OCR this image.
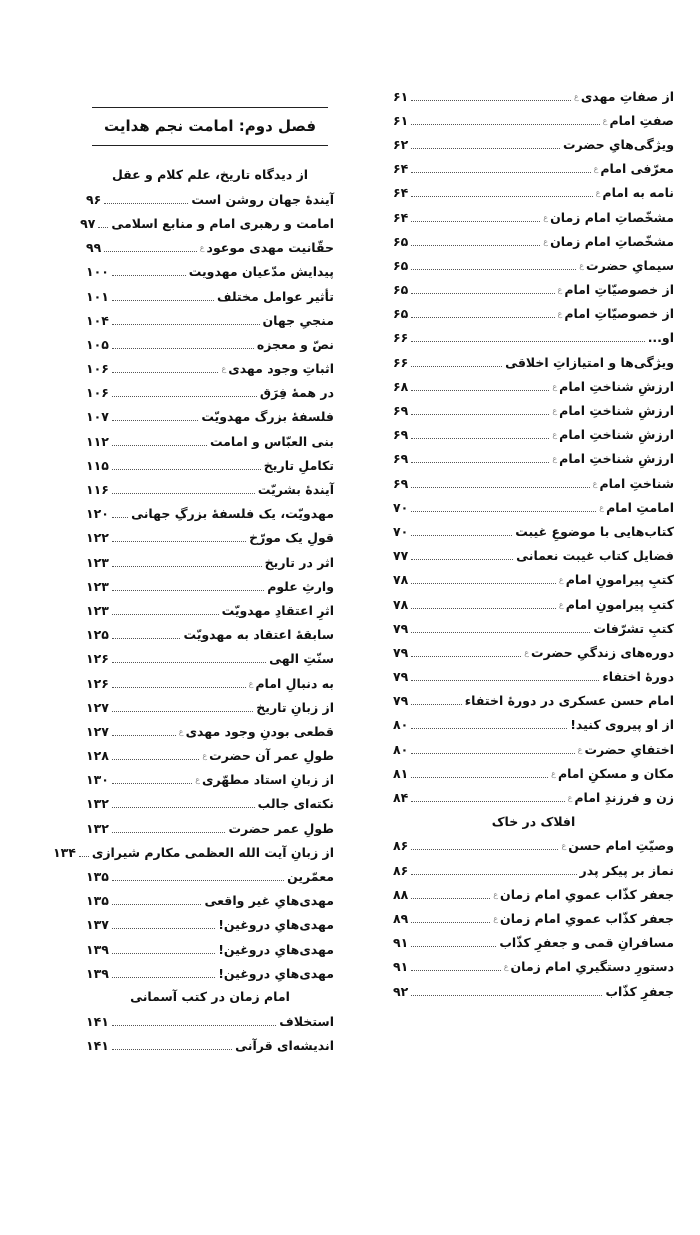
از صفاتِ مهدی
ع
۶۱
صفتِ امام
ع
۶۱
ویژگی‌هایِ حضرت
۶۲
معرّفی امام
ع
۶۴
نامه به امام
ع
۶۴
مشخّصاتِ امام زمان
ع
۶۴
مشخّصاتِ امام زمان
ع
۶۵
سیمایِ حضرت
ع
۶۵
از خصوصیّاتِ امام
ع
۶۵
از خصوصیّاتِ امام
ع
۶۵
او...
۶۶
ویژگی‌ها و امتیازاتِ اخلاقی
۶۶
ارزشِ شناختِ امام
ع
۶۸
ارزشِ شناختِ امام
ع
۶۹
ارزشِ شناختِ امام
ع
۶۹
ارزشِ شناختِ امام
ع
۶۹
شناختِ امام
ع
۶۹
امامتِ امام
ع
۷۰
کتاب‌هایی با موضوعِ غیبت
۷۰
فضایل کتاب غیبت نعمانی
۷۷
کتبِ پیرامونِ امام
ع
۷۸
کتبِ پیرامونِ امام
ع
۷۸
کتبِ تشرّفات
۷۹
دوره‌های زندگیِ حضرت
ع
۷۹
دورهٔ اختفاء
۷۹
امام حسن عسکری در دورهٔ اختفاء
۷۹
از او پیروی کنید!
۸۰
اختفایِ حضرت
ع
۸۰
مکان و مسکنِ امام
ع
۸۱
زن و فرزندِ امام
ع
۸۴
افلاک در خاک
وصیّتِ امام حسن
ع
۸۶
نماز بر پیکر پدر
۸۶
جعفر کذّاب عمویِ امام زمان
ع
۸۸
جعفر کذّاب عمویِ امام زمان
ع
۸۹
مسافرانِ قمی و جعفرِ کذّاب
۹۱
دستورِ دستگیریِ امام زمان
ع
۹۱
جعفرِ کذّاب
۹۲
فصل دوم: امامت نجم هدایت
از دیدگاه تاریخ، علم کلام و عقل
آیندهٔ جهان روشن است
۹۶
امامت و رهبری امام و منابع اسلامی
۹۷
حقّانیت مهدی موعود
ع
۹۹
پیدایش مدّعیان مهدویت
۱۰۰
تأثیر عوامل مختلف
۱۰۱
منجیِ جهان
۱۰۴
نصّ و معجزه
۱۰۵
اثباتِ وجود مهدی
ع
۱۰۶
در همهٔ فِرَق
۱۰۶
فلسفهٔ بزرگ مهدویّت
۱۰۷
بنی العبّاس و امامت
۱۱۲
تکاملِ تاریخ
۱۱۵
آیندهٔ بشریّت
۱۱۶
مهدویّت، یک فلسفهٔ بزرگِ جهانی
۱۲۰
قولِ یک مورّخ
۱۲۲
اثر در تاریخ
۱۲۳
وارثِ علوم
۱۲۳
اثرِ اعتقادِ مهدویّت
۱۲۳
سابقهٔ اعتقاد به مهدویّت
۱۲۵
سنّتِ الهی
۱۲۶
به دنبالِ امام
ع
۱۲۶
از زبانِ تاریخ
۱۲۷
قطعی بودنِ وجود مهدی
ع
۱۲۷
طولِ عمر آن حضرت
ع
۱۲۸
از زبانِ استاد مطهّری
ع
۱۳۰
نکته‌ای جالب
۱۳۲
طولِ عمر حضرت
۱۳۲
از زبانِ آیت الله العظمی مکارم شیرازی
۱۳۴
معمّرین
۱۳۵
مهدی‌هایِ غیر واقعی
۱۳۵
مهدی‌هایِ دروغین!
۱۳۷
مهدی‌هایِ دروغین!
۱۳۹
مهدی‌هایِ دروغین!
۱۳۹
امام زمان در کتب آسمانی
استخلاف
۱۴۱
اندیشه‌ای قرآنی
۱۴۱
